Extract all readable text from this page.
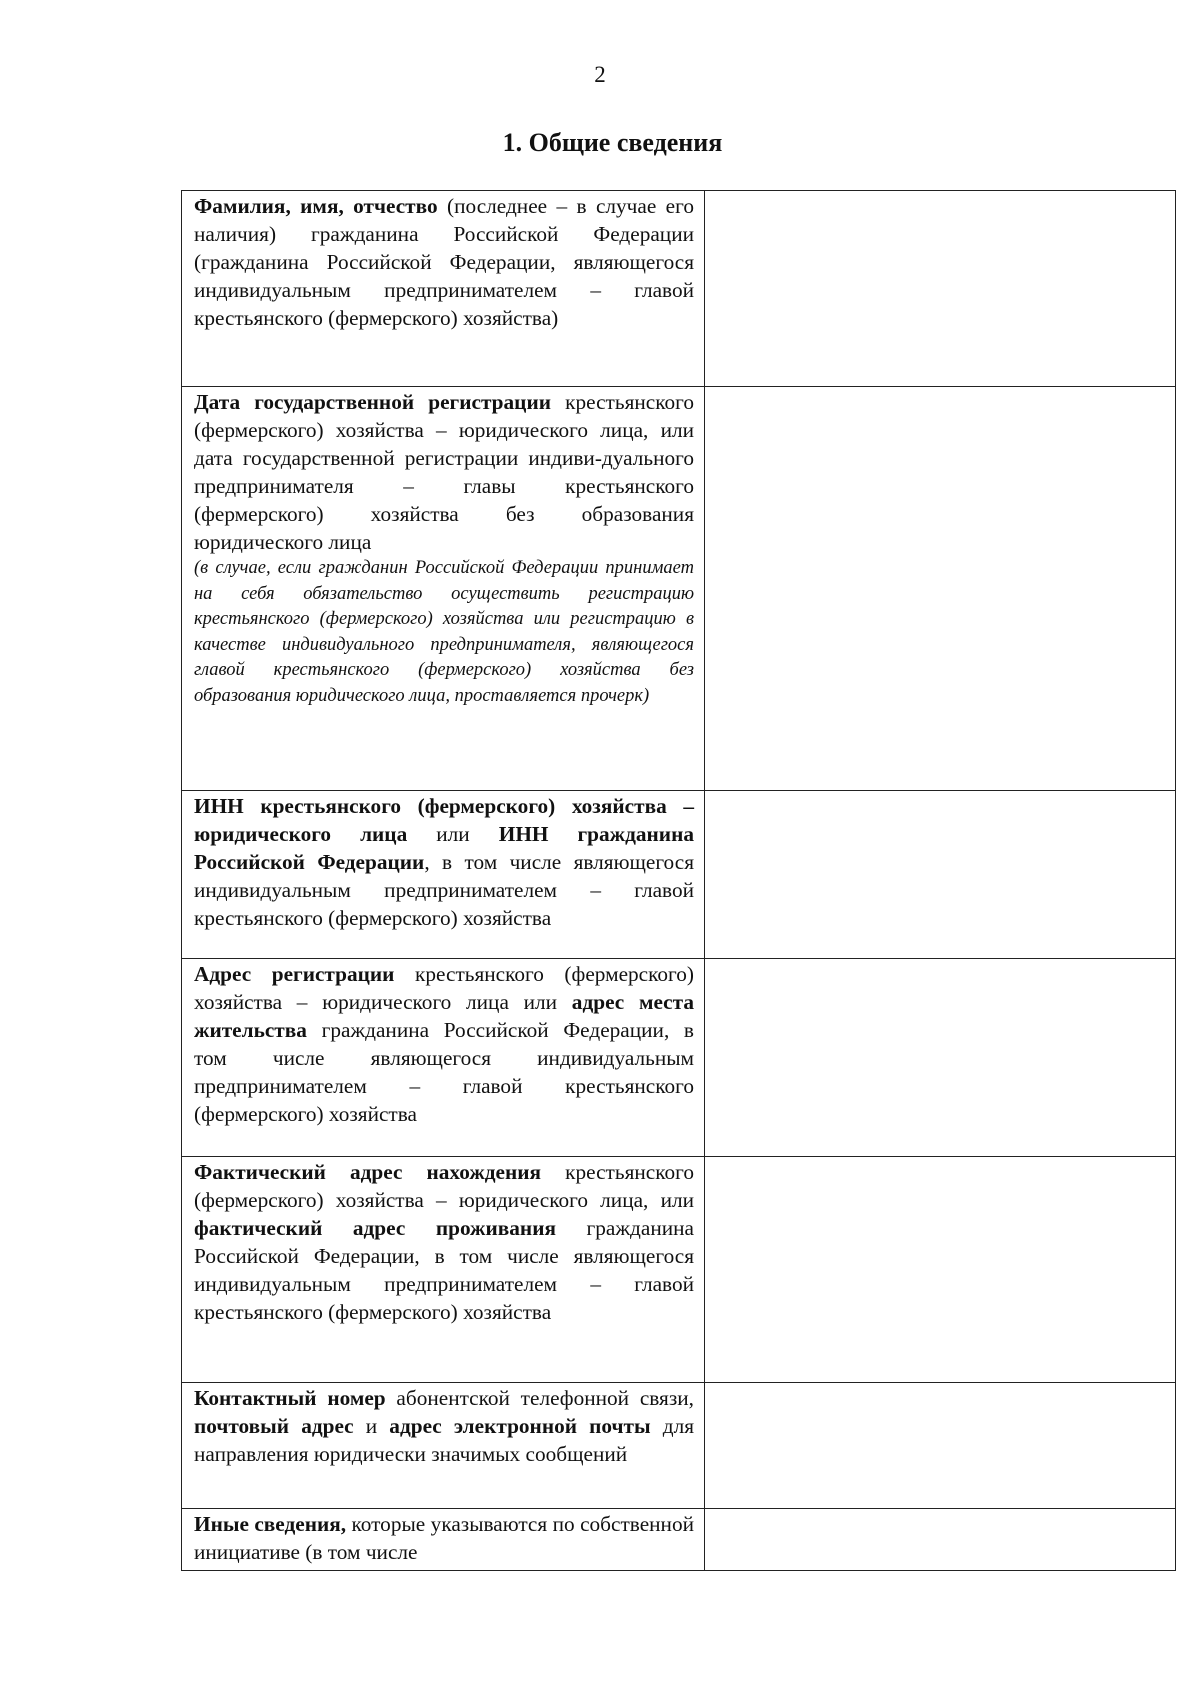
2
1. Общие сведения
Фамилия, имя, отчество (последнее – в случае его наличия) гражданина Российской Федерации (гражданина Российской Федерации, являющегося индивидуальным предпринимателем – главой крестьянского (фермерского) хозяйства)	
Дата государственной регистрации крестьянского (фермерского) хозяйства – юридического лица, или дата государственной регистрации индиви-дуального предпринимателя – главы крестьянского (фермерского) хозяйства без образования юридического лица
(в случае, если гражданин Российской Федерации принимает на себя обязательство осуществить регистрацию крестьянского (фермерского) хозяйства или регистрацию в качестве индивидуального предпринимателя, являющегося главой крестьянского (фермерского) хозяйства без образования юридического лица, проставляется прочерк)	

ИНН крестьянского (фермерского) хозяйства – юридического лица или ИНН гражданина Российской Федерации, в том числе являющегося индивидуальным предпринимателем – главой крестьянского (фермерского) хозяйства	
Адрес регистрации крестьянского (фермерского) хозяйства – юридического лица или адрес места жительства гражданина Российской Федерации, в том числе являющегося индивидуальным предпринимателем – главой крестьянского (фермерского) хозяйства	
Фактический адрес нахождения крестьянского (фермерского) хозяйства – юридического лица, или фактический адрес проживания гражданина Российской Федерации, в том числе являющегося индивидуальным предпринимателем – главой крестьянского (фермерского) хозяйства	
Контактный номер абонентской телефонной связи, почтовый адрес и адрес электронной почты для направления юридически значимых сообщений	
Иные сведения, которые указываются по собственной инициативе (в том числе	
